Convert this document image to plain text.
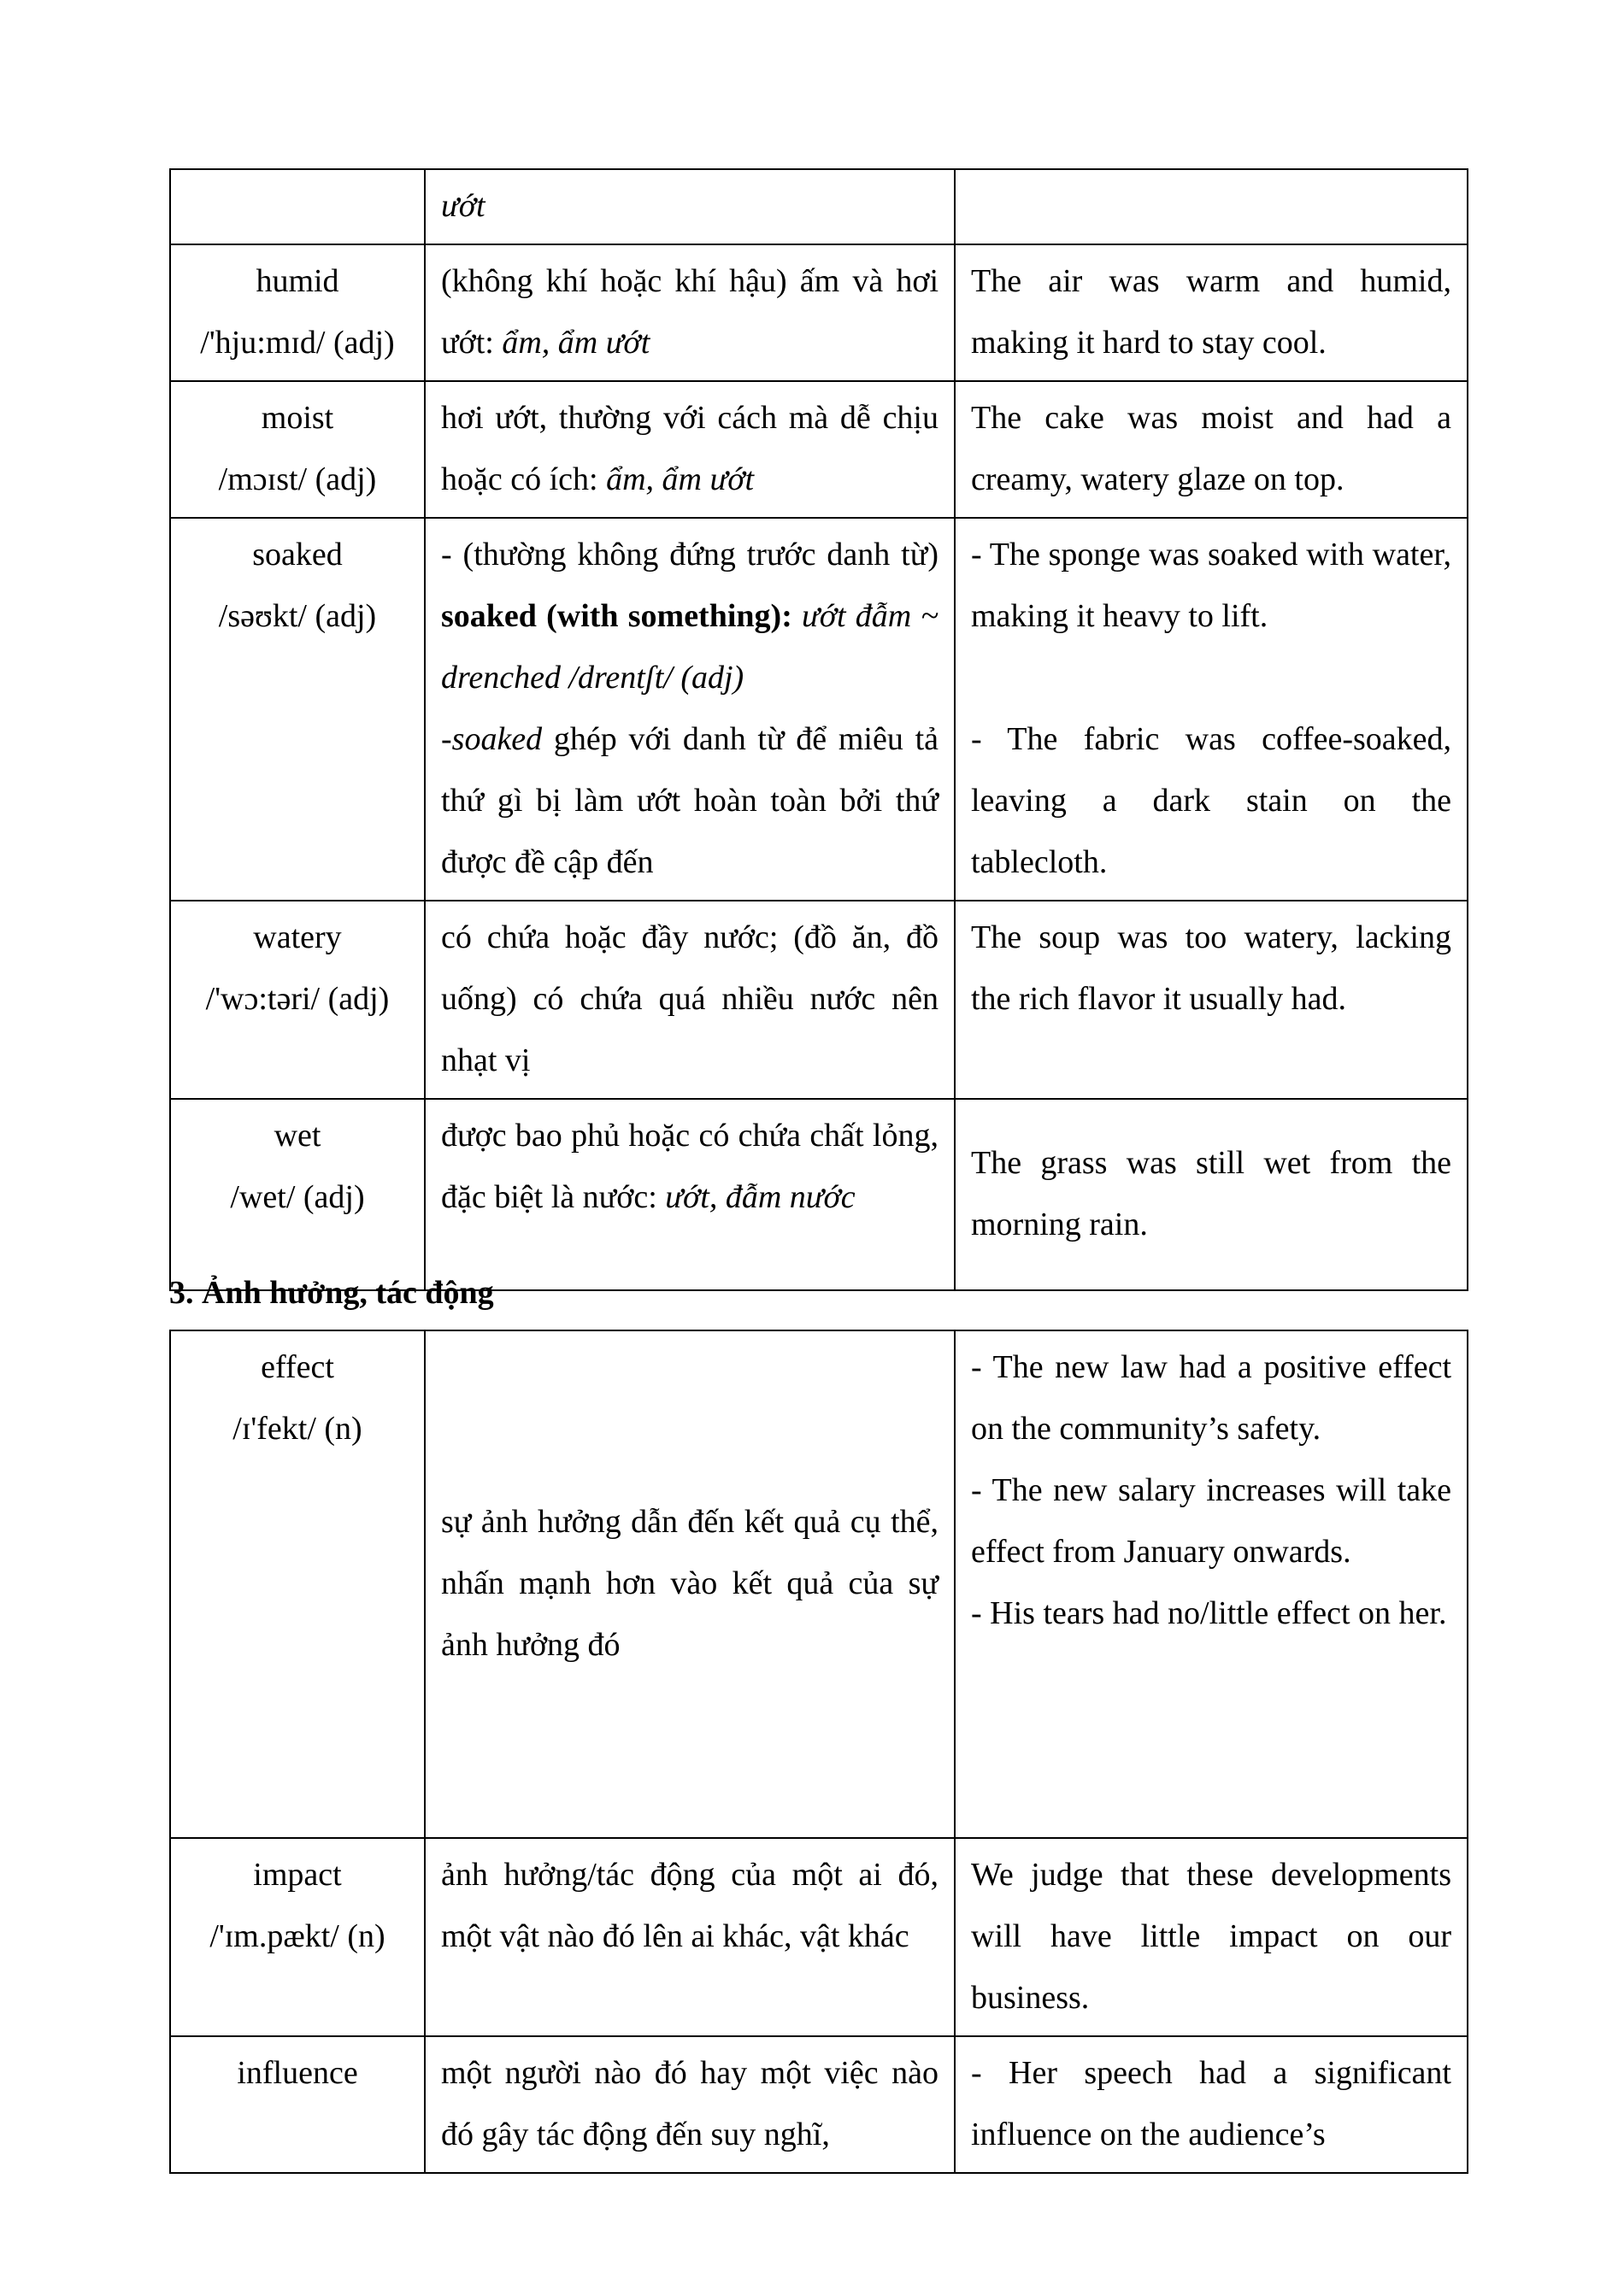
	ướt	

humid
/'hju:mɪd/ (adj)	(không khí hoặc khí hậu) ấm và hơi ướt: ẩm, ẩm ướt	The air was warm and humid, making it hard to stay cool.

moist
/mɔɪst/ (adj)	hơi ướt, thường với cách mà dễ chịu hoặc có ích: ẩm, ẩm ướt	The cake was moist and had a creamy, watery glaze on top.

soaked
/səʊkt/ (adj)	- (thường không đứng trước danh từ) soaked (with something): ướt đẫm ~ drenched /drentʃt/ (adj)
-soaked ghép với danh từ để miêu tả thứ gì bị làm ướt hoàn toàn bởi thứ được đề cập đến	- The sponge was soaked with water, making it heavy to lift.
- The fabric was coffee-soaked, leaving a dark stain on the tablecloth.

watery
/'wɔ:təri/ (adj)	có chứa hoặc đầy nước; (đồ ăn, đồ uống) có chứa quá nhiều nước nên nhạt vị	The soup was too watery, lacking the rich flavor it usually had.

wet
/wet/ (adj)	được bao phủ hoặc có chứa chất lỏng, đặc biệt là nước: ướt, đẫm nước	The grass was still wet from the morning rain.
3. Ảnh hưởng, tác động
effect
/ɪ'fekt/ (n)	sự ảnh hưởng dẫn đến kết quả cụ thể, nhấn mạnh hơn vào kết quả của sự ảnh hưởng đó	- The new law had a positive effect on the community’s safety.
- The new salary increases will take effect from January onwards.
- His tears had no/little effect on her.

impact
/'ɪm.pækt/ (n)	ảnh hưởng/tác động của một ai đó, một vật nào đó lên ai khác, vật khác	We judge that these developments will have little impact on our business.

influence	một người nào đó hay một việc nào đó gây tác động đến suy nghĩ,	- Her speech had a significant influence on the audience’s
